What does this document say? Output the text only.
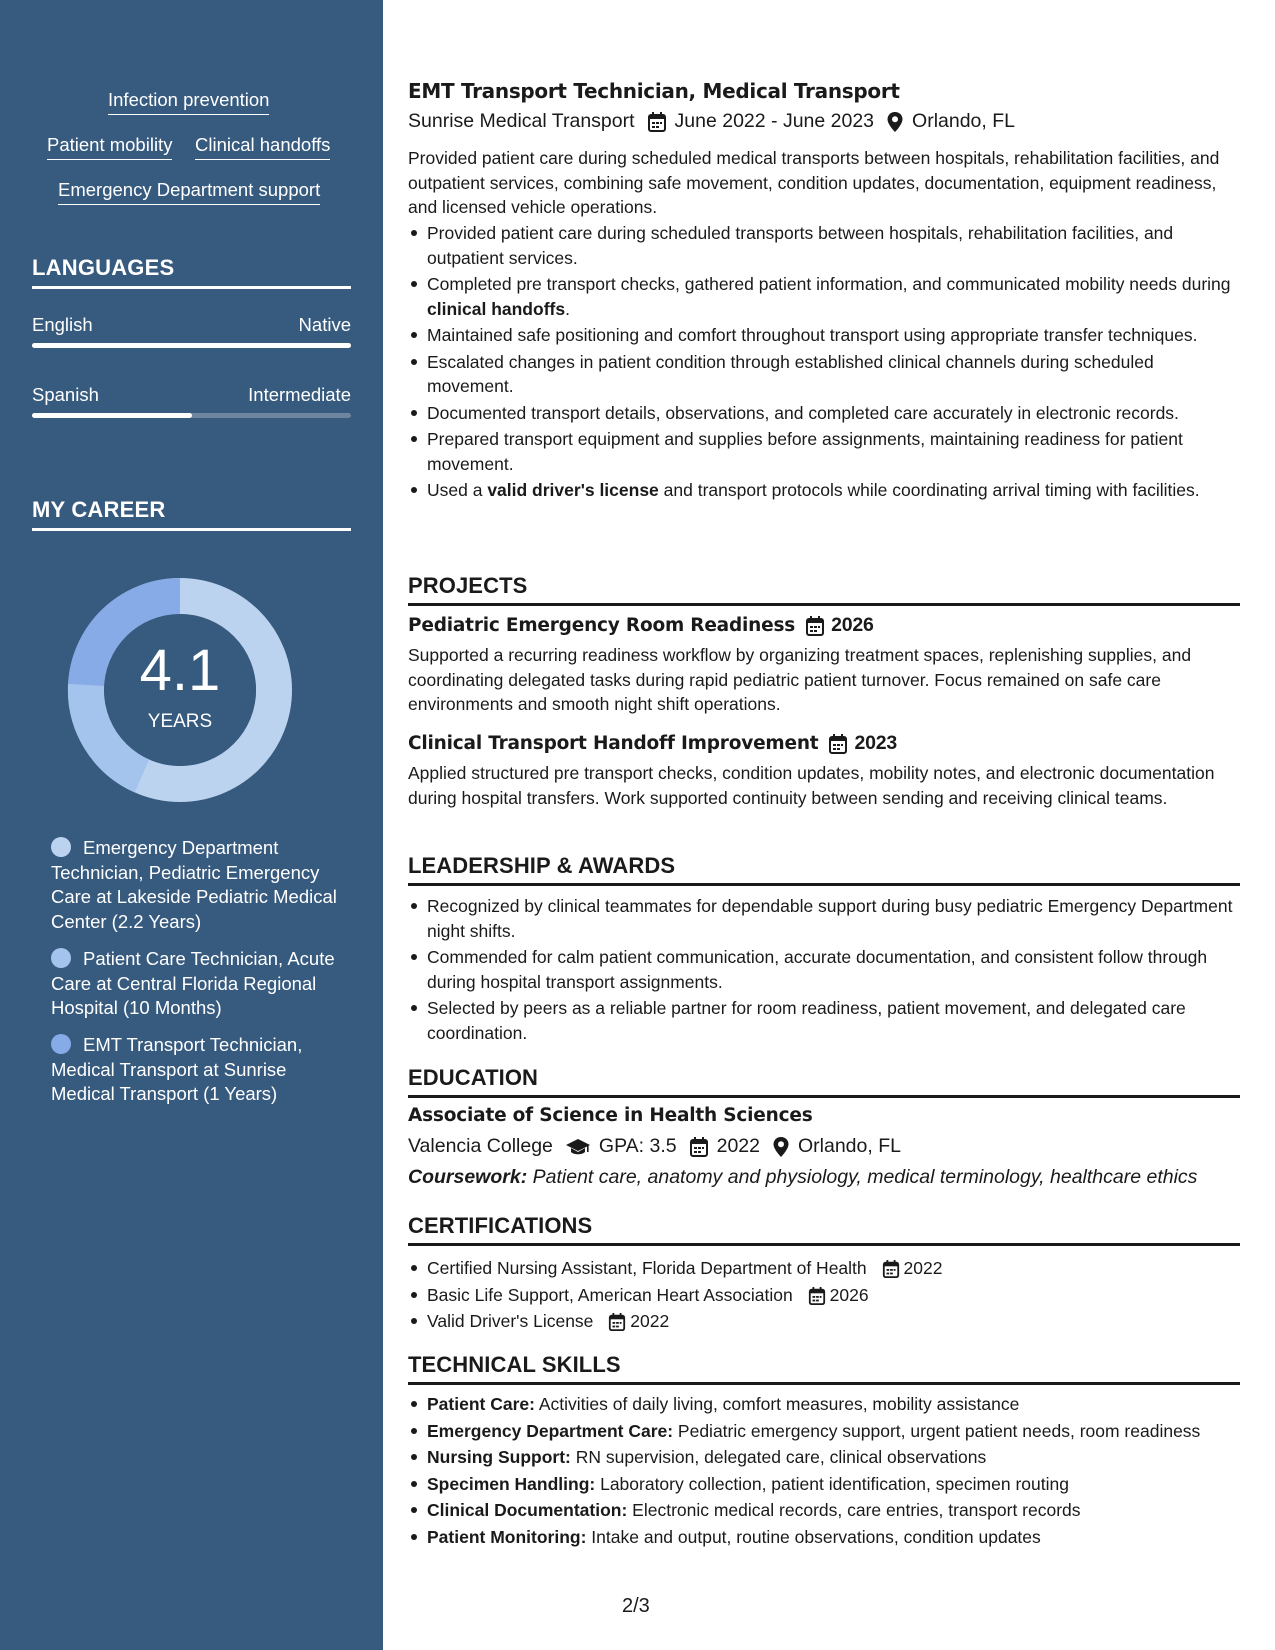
Infection prevention
Patient mobility Clinical handoffs
Emergency Department support
LANGUAGES
English	Native
Spanish	Intermediate
MY CAREER
4.1
YEARS
Emergency Department Technician, Pediatric Emergency Care at Lakeside Pediatric Medical Center (2.2 Years)
Patient Care Technician, Acute Care at Central Florida Regional Hospital (10 Months)
EMT Transport Technician, Medical Transport at Sunrise Medical Transport (1 Years)
EMT Transport Technician, Medical Transport
Sunrise Medical Transport June 2022 - June 2023 Orlando, FL
Provided patient care during scheduled medical transports between hospitals, rehabilitation facilities, and outpatient services, combining safe movement, condition updates, documentation, equipment readiness, and licensed vehicle operations.
Provided patient care during scheduled transports between hospitals, rehabilitation facilities, and outpatient services.
Completed pre transport checks, gathered patient information, and communicated mobility needs during clinical handoffs.
Maintained safe positioning and comfort throughout transport using appropriate transfer techniques.
Escalated changes in patient condition through established clinical channels during scheduled movement.
Documented transport details, observations, and completed care accurately in electronic records.
Prepared transport equipment and supplies before assignments, maintaining readiness for patient movement.
Used a valid driver's license and transport protocols while coordinating arrival timing with facilities.
PROJECTS
Pediatric Emergency Room Readiness 2026
Supported a recurring readiness workflow by organizing treatment spaces, replenishing supplies, and coordinating delegated tasks during rapid pediatric patient turnover. Focus remained on safe care environments and smooth night shift operations.
Clinical Transport Handoff Improvement 2023
Applied structured pre transport checks, condition updates, mobility notes, and electronic documentation during hospital transfers. Work supported continuity between sending and receiving clinical teams.
LEADERSHIP & AWARDS
Recognized by clinical teammates for dependable support during busy pediatric Emergency Department night shifts.
Commended for calm patient communication, accurate documentation, and consistent follow through during hospital transport assignments.
Selected by peers as a reliable partner for room readiness, patient movement, and delegated care coordination.
EDUCATION
Associate of Science in Health Sciences
Valencia College GPA: 3.5 2022 Orlando, FL
Coursework: Patient care, anatomy and physiology, medical terminology, healthcare ethics
CERTIFICATIONS
Certified Nursing Assistant, Florida Department of Health 2022
Basic Life Support, American Heart Association 2026
Valid Driver's License 2022
TECHNICAL SKILLS
Patient Care: Activities of daily living, comfort measures, mobility assistance
Emergency Department Care: Pediatric emergency support, urgent patient needs, room readiness
Nursing Support: RN supervision, delegated care, clinical observations
Specimen Handling: Laboratory collection, patient identification, specimen routing
Clinical Documentation: Electronic medical records, care entries, transport records
Patient Monitoring: Intake and output, routine observations, condition updates
2/3
